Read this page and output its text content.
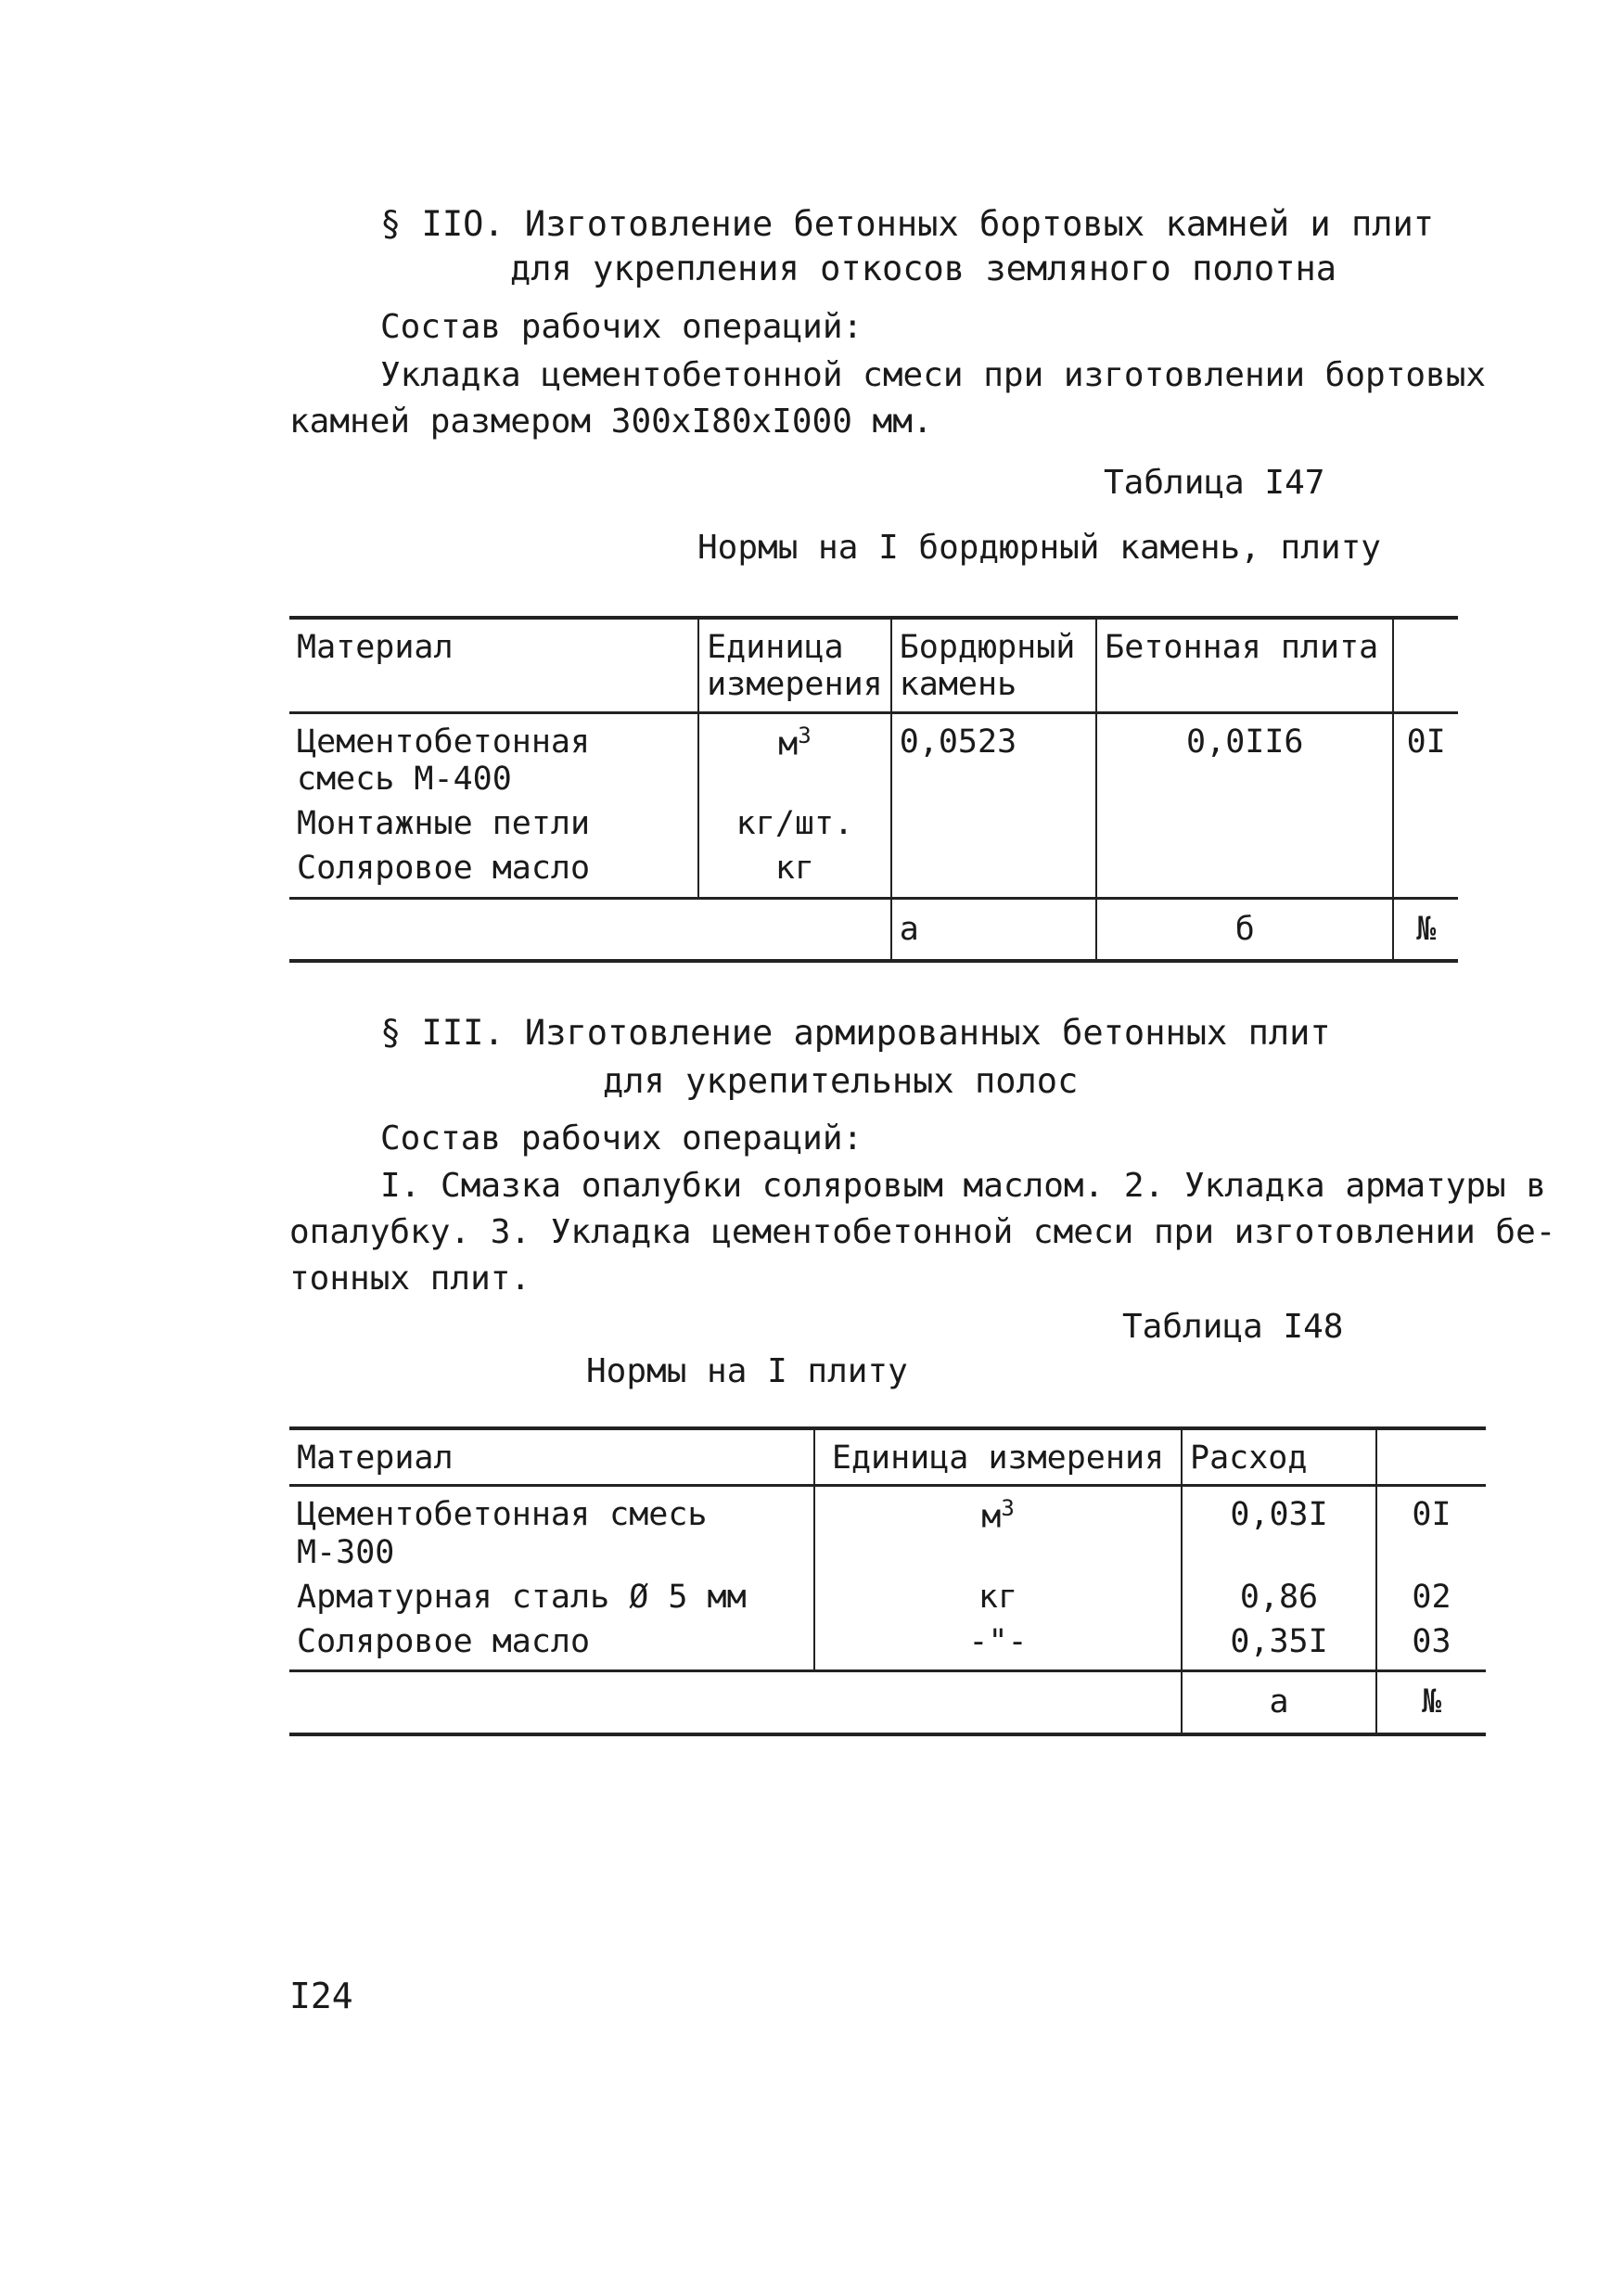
§ IIO. Изготовление бетонных бортовых камней и плит
для укрепления откосов земляного полотна
Состав рабочих операций:
Укладка цементобетонной смеси при изготовлении бортовых
камней размером 300xI80xI000 мм.
Таблица I47
Нормы на I бордюрный камень, плиту
Материал	Единица измерения	Бордюрный камень	Бетонная плита	
Цементобетонная смесь М-400	$м^3$	0,0523	0,0II6	0I
Монтажные петли	кг/шт.			
Соляровое масло	кг			
		а	б	№
§ III. Изготовление армированных бетонных плит
для укрепительных полос
Состав рабочих операций:
I. Смазка опалубки соляровым маслом. 2. Укладка арматуры в
опалубку. 3. Укладка цементобетонной смеси при изготовлении бе-
тонных плит.
Таблица I48
Нормы на I плиту
Материал	Единица измерения	Расход	
Цементобетонная смесь М-300	$м^3$	0,03I	0I
Арматурная сталь Ø 5 мм	кг	0,86	02
Соляровое масло	-"-	0,35I	03
		а	№
I24
